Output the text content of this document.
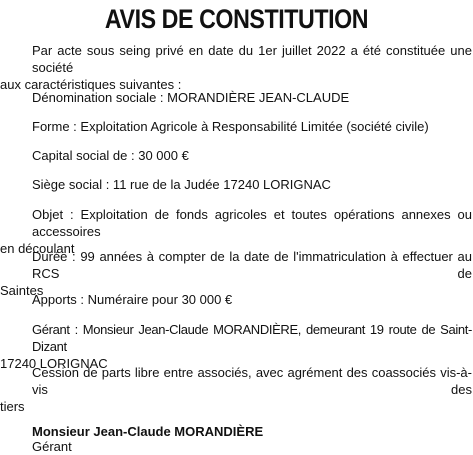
AVIS DE CONSTITUTION
Par acte sous seing privé en date du 1er juillet 2022 a été constituée une société
aux caractéristiques suivantes :

Dénomination sociale : MORANDIÈRE JEAN-CLAUDE

Forme : Exploitation Agricole à Responsabilité Limitée (société civile)

Capital social de : 30 000 €

Siège social : 11 rue de la Judée 17240 LORIGNAC

Objet : Exploitation de fonds agricoles et toutes opérations annexes ou accessoires
en découlant
Durée : 99 années à compter de la date de l'immatriculation à effectuer au RCS de
Saintes

Apports : Numéraire pour 30 000 €

Gérant : Monsieur Jean-Claude MORANDIÈRE, demeurant 19 route de Saint-Dizant
17240 LORIGNAC
Cession de parts libre entre associés, avec agrément des coassociés vis-à-vis des
tiers

Monsieur Jean-Claude MORANDIÈRE

Gérant
